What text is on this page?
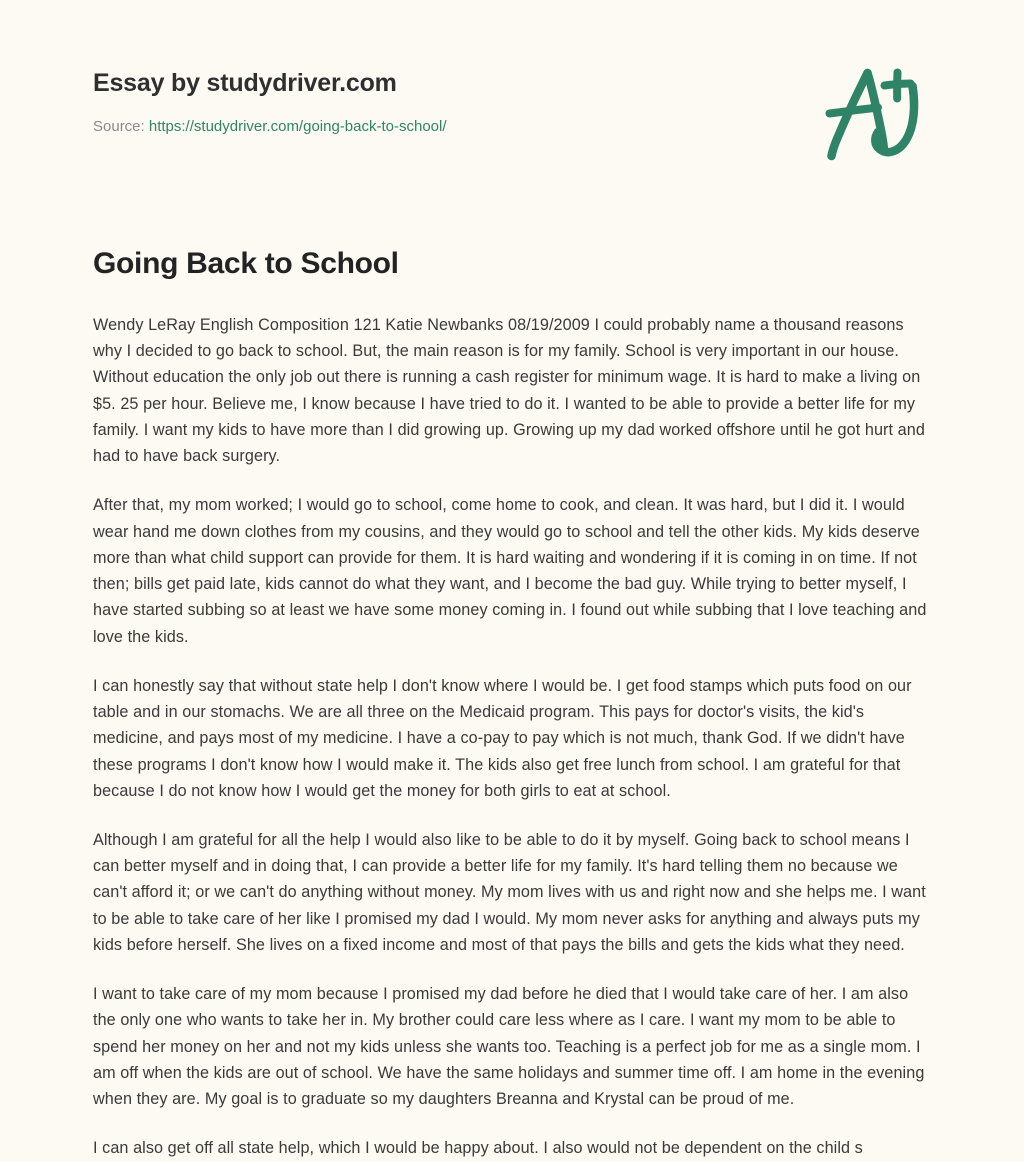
Essay by studydriver.com
Source: https://studydriver.com/going-back-to-school/
Going Back to School

Wendy LeRay English Composition 121 Katie Newbanks 08/19/2009 I could probably name a thousand reasons why I decided to go back to school. But, the main reason is for my family. School is very important in our house. Without education the only job out there is running a cash register for minimum wage. It is hard to make a living on $5. 25 per hour. Believe me, I know because I have tried to do it. I wanted to be able to provide a better life for my family. I want my kids to have more than I did growing up. Growing up my dad worked offshore until he got hurt and had to have back surgery.

After that, my mom worked; I would go to school, come home to cook, and clean. It was hard, but I did it. I would wear hand me down clothes from my cousins, and they would go to school and tell the other kids. My kids deserve more than what child support can provide for them. It is hard waiting and wondering if it is coming in on time. If not then; bills get paid late, kids cannot do what they want, and I become the bad guy. While trying to better myself, I have started subbing so at least we have some money coming in. I found out while subbing that I love teaching and love the kids.

I can honestly say that without state help I don't know where I would be. I get food stamps which puts food on our table and in our stomachs. We are all three on the Medicaid program. This pays for doctor's visits, the kid's medicine, and pays most of my medicine. I have a co-pay to pay which is not much, thank God. If we didn't have these programs I don't know how I would make it. The kids also get free lunch from school. I am grateful for that because I do not know how I would get the money for both girls to eat at school.

Although I am grateful for all the help I would also like to be able to do it by myself. Going back to school means I can better myself and in doing that, I can provide a better life for my family. It's hard telling them no because we can't afford it; or we can't do anything without money. My mom lives with us and right now and she helps me. I want to be able to take care of her like I promised my dad I would. My mom never asks for anything and always puts my kids before herself. She lives on a fixed income and most of that pays the bills and gets the kids what they need.

I want to take care of my mom because I promised my dad before he died that I would take care of her. I am also the only one who wants to take her in. My brother could care less where as I care. I want my mom to be able to spend her money on her and not my kids unless she wants too. Teaching is a perfect job for me as a single mom. I am off when the kids are out of school. We have the same holidays and summer time off. I am home in the evening when they are. My goal is to graduate so my daughters Breanna and Krystal can be proud of me.

I can also get off all state help, which I would be happy about. I also would not be dependent on the child s
